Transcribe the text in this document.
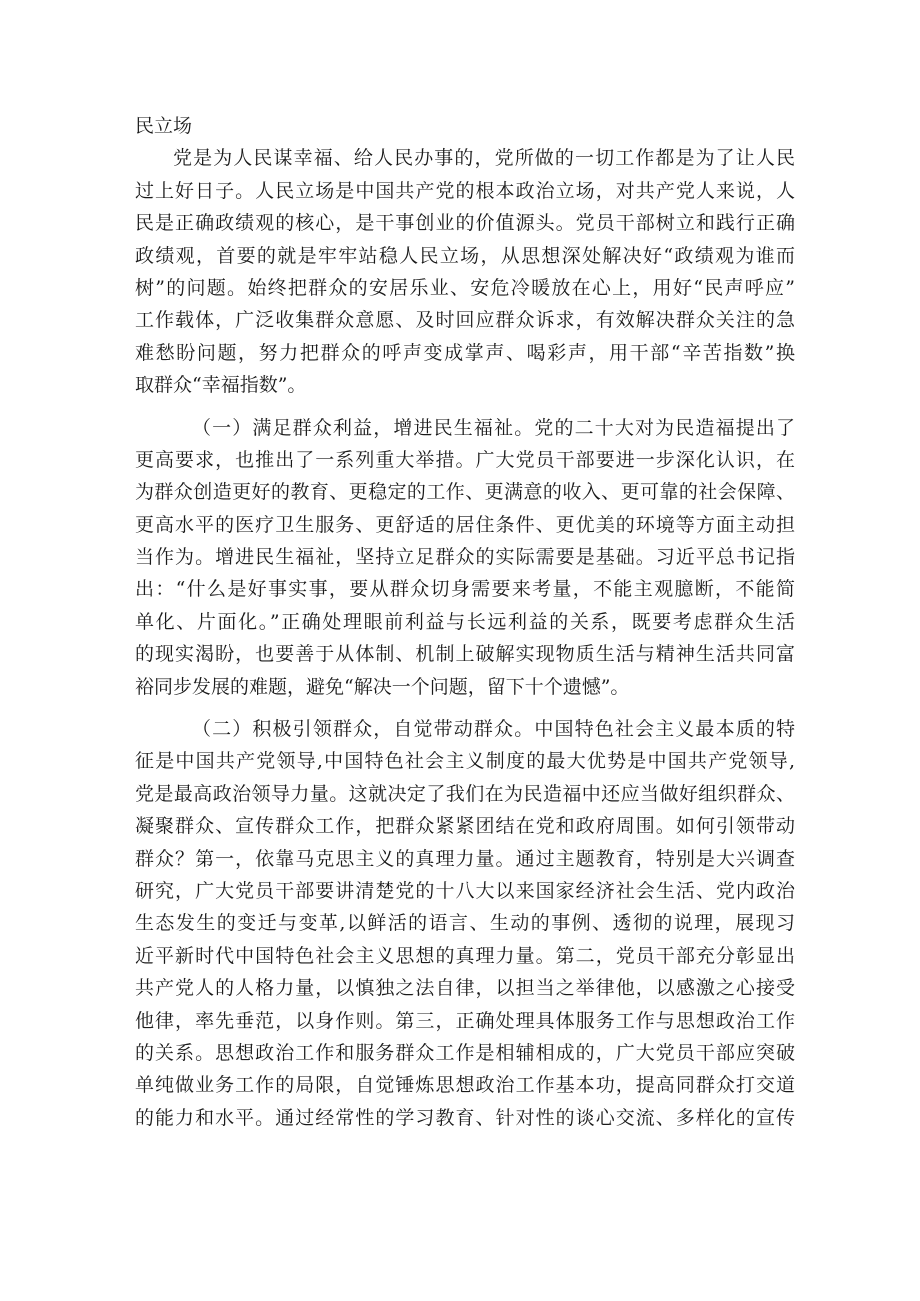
民立场
党是为人民谋幸福、给人民办事的，党所做的一切工作都是为了让人民
过上好日子。人民立场是中国共产党的根本政治立场，对共产党人来说，人
民是正确政绩观的核心，是干事创业的价值源头。党员干部树立和践行正确
政绩观，首要的就是牢牢站稳人民立场，从思想深处解决好“政绩观为谁而
树”的问题。始终把群众的安居乐业、安危冷暖放在心上，用好“民声呼应”
工作载体，广泛收集群众意愿、及时回应群众诉求，有效解决群众关注的急
难愁盼问题，努力把群众的呼声变成掌声、喝彩声，用干部“辛苦指数”换
取群众“幸福指数”。
（一）满足群众利益，增进民生福祉。党的二十大对为民造福提出了
更高要求，也推出了一系列重大举措。广大党员干部要进一步深化认识，在
为群众创造更好的教育、更稳定的工作、更满意的收入、更可靠的社会保障、
更高水平的医疗卫生服务、更舒适的居住条件、更优美的环境等方面主动担
当作为。增进民生福祉，坚持立足群众的实际需要是基础。习近平总书记指
出：“什么是好事实事，要从群众切身需要来考量，不能主观臆断，不能简
单化、片面化。”正确处理眼前利益与长远利益的关系，既要考虑群众生活
的现实渴盼，也要善于从体制、机制上破解实现物质生活与精神生活共同富
裕同步发展的难题，避免“解决一个问题，留下十个遗憾”。
（二）积极引领群众，自觉带动群众。中国特色社会主义最本质的特
征是中国共产党领导,中国特色社会主义制度的最大优势是中国共产党领导,
党是最高政治领导力量。这就决定了我们在为民造福中还应当做好组织群众、
凝聚群众、宣传群众工作，把群众紧紧团结在党和政府周围。如何引领带动
群众？第一，依靠马克思主义的真理力量。通过主题教育，特别是大兴调查
研究，广大党员干部要讲清楚党的十八大以来国家经济社会生活、党内政治
生态发生的变迁与变革,以鲜活的语言、生动的事例、透彻的说理，展现习
近平新时代中国特色社会主义思想的真理力量。第二，党员干部充分彰显出
共产党人的人格力量，以慎独之法自律，以担当之举律他，以感激之心接受
他律，率先垂范，以身作则。第三，正确处理具体服务工作与思想政治工作
的关系。思想政治工作和服务群众工作是相辅相成的，广大党员干部应突破
单纯做业务工作的局限，自觉锤炼思想政治工作基本功，提高同群众打交道
的能力和水平。通过经常性的学习教育、针对性的谈心交流、多样化的宣传
